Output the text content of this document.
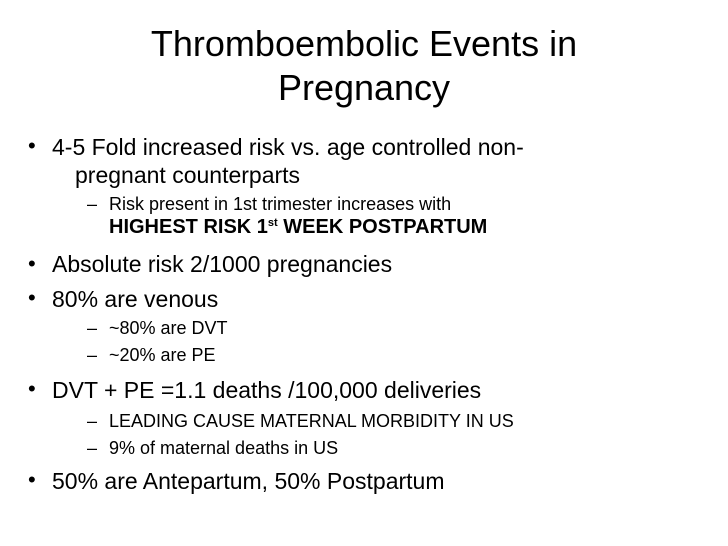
Thromboembolic Events in
Pregnancy
• 4-5 Fold increased risk vs. age controlled non-
pregnant counterparts
– Risk present in 1st trimester increases with
HIGHEST RISK 1st WEEK POSTPARTUM
• Absolute risk 2/1000 pregnancies
• 80% are venous
– ~80% are DVT
– ~20% are PE
• DVT + PE =1.1 deaths /100,000 deliveries
– LEADING CAUSE MATERNAL MORBIDITY IN US
– 9% of maternal deaths in US
• 50% are Antepartum, 50% Postpartum
